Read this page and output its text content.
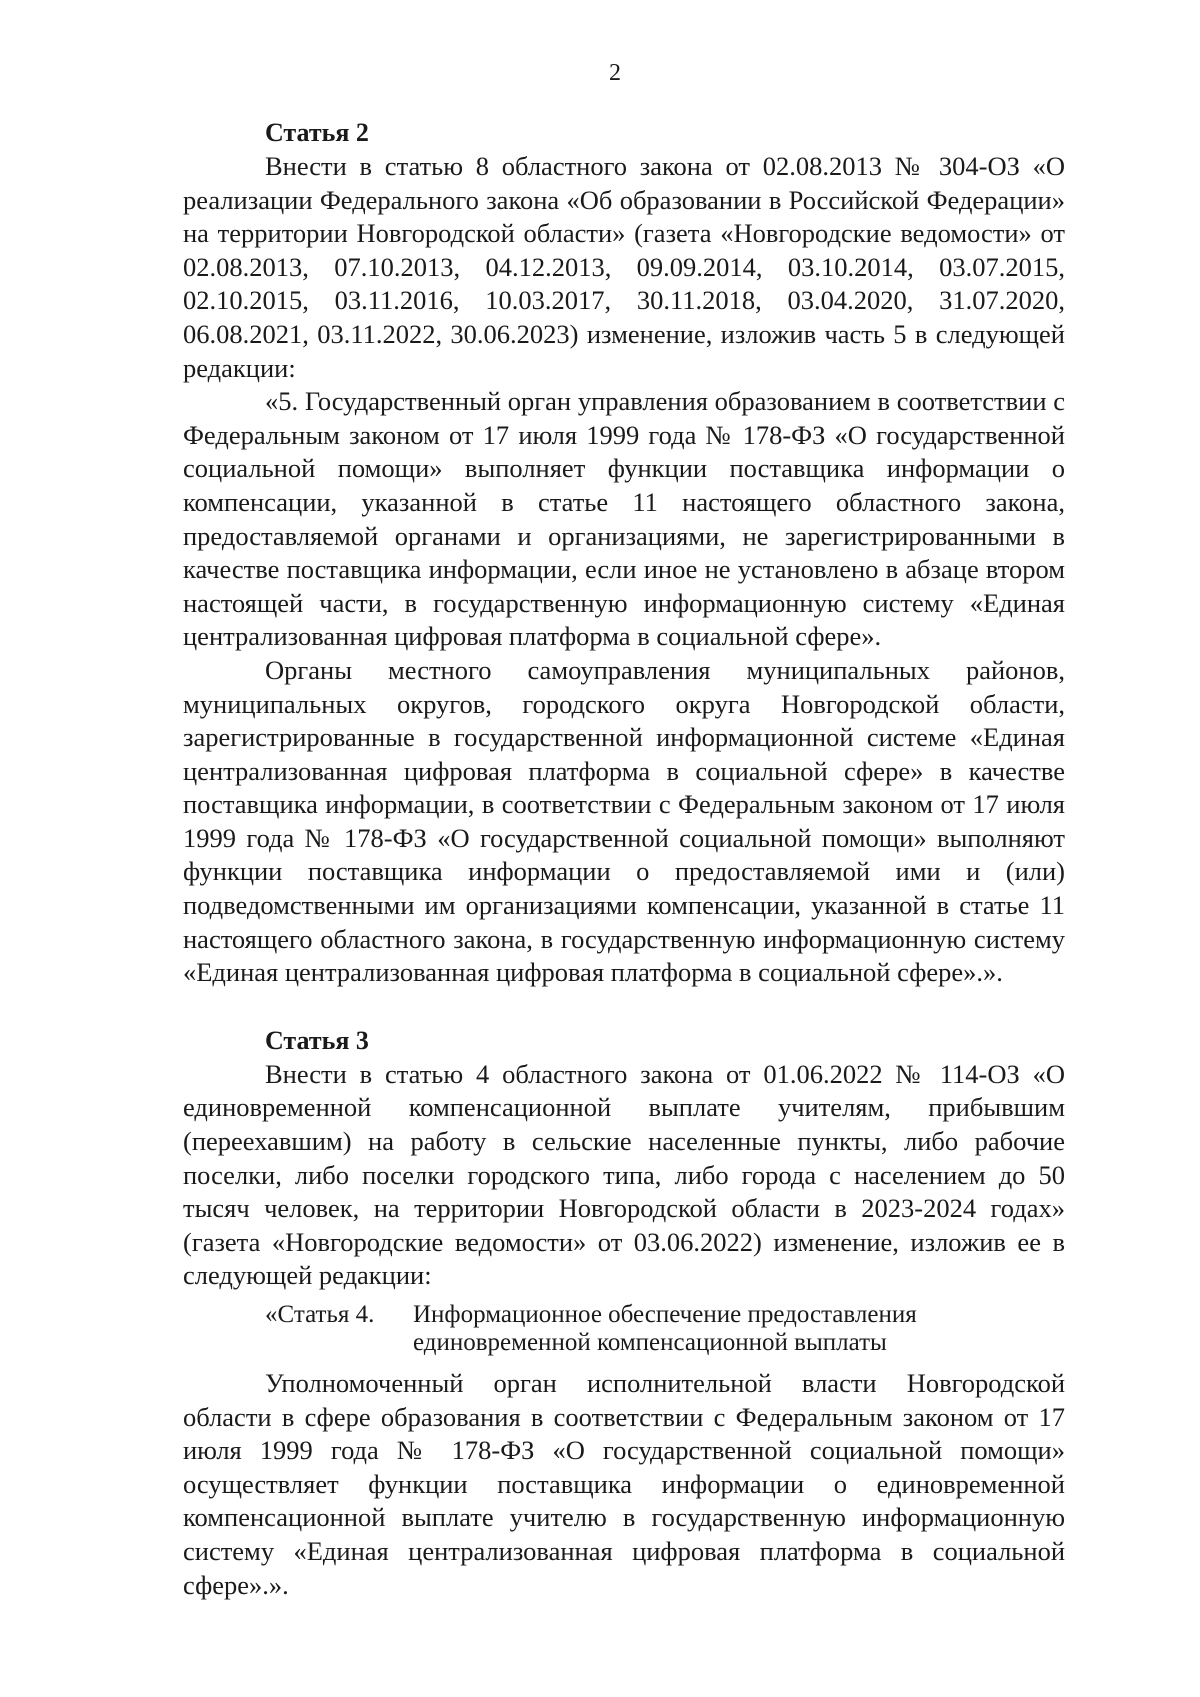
2
Статья 2

Внести в статью 8 областного закона от 02.08.2013 № 304-ОЗ «О реализации Федерального закона «Об образовании в Российской Федерации» на территории Новгородской области» (газета «Новгородские ведомости» от 02.08.2013, 07.10.2013, 04.12.2013, 09.09.2014, 03.10.2014, 03.07.2015, 02.10.2015, 03.11.2016, 10.03.2017, 30.11.2018, 03.04.2020, 31.07.2020, 06.08.2021, 03.11.2022, 30.06.2023) изменение, изложив часть 5 в следующей редакции:

«5. Государственный орган управления образованием в соответствии с Федеральным законом от 17 июля 1999 года № 178-ФЗ «О государственной социальной помощи» выполняет функции поставщика информации о компенсации, указанной в статье 11 настоящего областного закона, предоставляемой органами и организациями, не зарегистрированными в качестве поставщика информации, если иное не установлено в абзаце втором настоящей части, в государственную информационную систему «Единая централизованная цифровая платформа в социальной сфере».

Органы местного самоуправления муниципальных районов, муниципальных округов, городского округа Новгородской области, зарегистрированные в государственной информационной системе «Единая централизованная цифровая платформа в социальной сфере» в качестве поставщика информации, в соответствии с Федеральным законом от 17 июля 1999 года № 178-ФЗ «О государственной социальной помощи» выполняют функции поставщика информации о предоставляемой ими и (или) подведомственными им организациями компенсации, указанной в статье 11 настоящего областного закона, в государственную информационную систему «Единая централизованная цифровая платформа в социальной сфере».».

Статья 3

Внести в статью 4 областного закона от 01.06.2022 № 114-ОЗ «О единовременной компенсационной выплате учителям, прибывшим (переехавшим) на работу в сельские населенные пункты, либо рабочие поселки, либо поселки городского типа, либо города с населением до 50 тысяч человек, на территории Новгородской области в 2023-2024 годах» (газета «Новгородские ведомости» от 03.06.2022) изменение, изложив ее в следующей редакции:

«Статья 4.	Информационное обеспечение предоставления
единовременной компенсационной выплаты

Уполномоченный орган исполнительной власти Новгородской области в сфере образования в соответствии с Федеральным законом от 17 июля 1999 года № 178-ФЗ «О государственной социальной помощи» осуществляет функции поставщика информации о единовременной компенсационной выплате учителю в государственную информационную систему «Единая централизованная цифровая платформа в социальной сфере».».
